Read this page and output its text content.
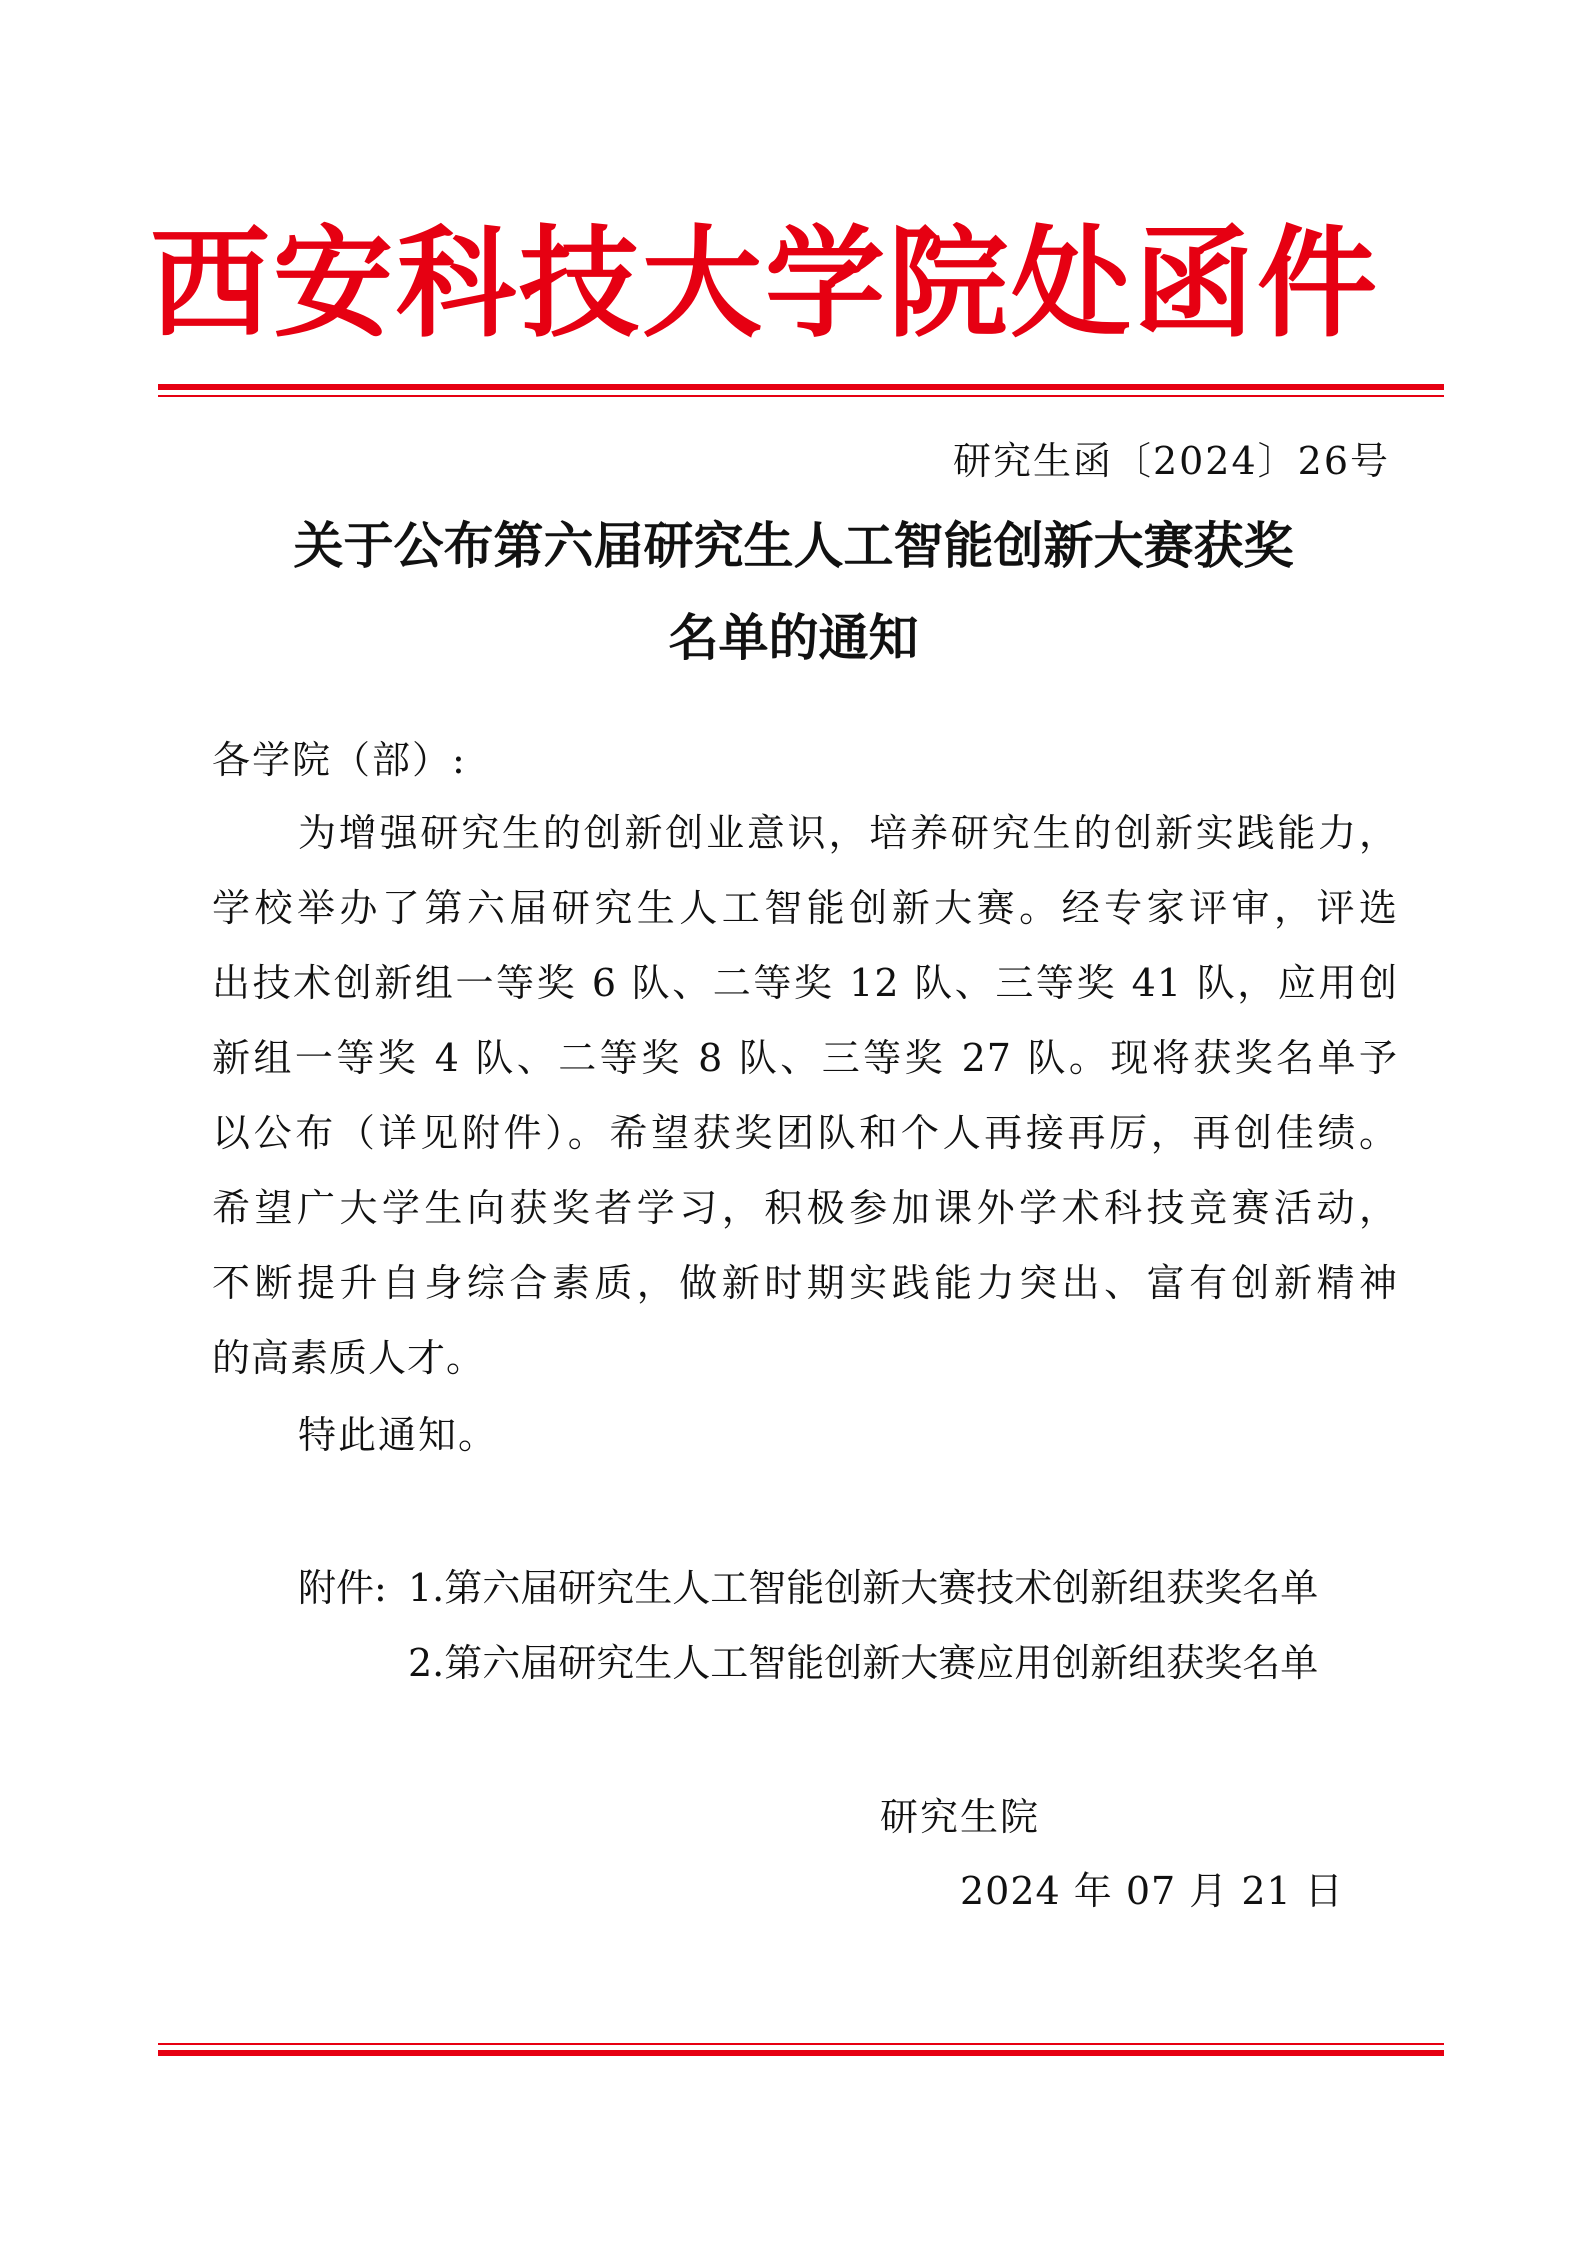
西安科技大学院处函件
研究生函〔2024〕26号
关于公布第六届研究生人工智能创新大赛获奖
名单的通知
各学院（部）:
为增强研究生的创新创业意识，培养研究生的创新实践能力，
学校举办了第六届研究生人工智能创新大赛。经专家评审，评选
出技术创新组一等奖 6 队、二等奖 12 队、三等奖 41 队，应用创
新组一等奖 4 队、二等奖 8 队、三等奖 27 队。现将获奖名单予
以公布（详见附件）。希望获奖团队和个人再接再厉，再创佳绩。
希望广大学生向获奖者学习，积极参加课外学术科技竞赛活动，
不断提升自身综合素质，做新时期实践能力突出、富有创新精神
的高素质人才。
特此通知。
附件: 1.第六届研究生人工智能创新大赛技术创新组获奖名单
2.第六届研究生人工智能创新大赛应用创新组获奖名单
研究生院
2024 年 07 月 21 日
